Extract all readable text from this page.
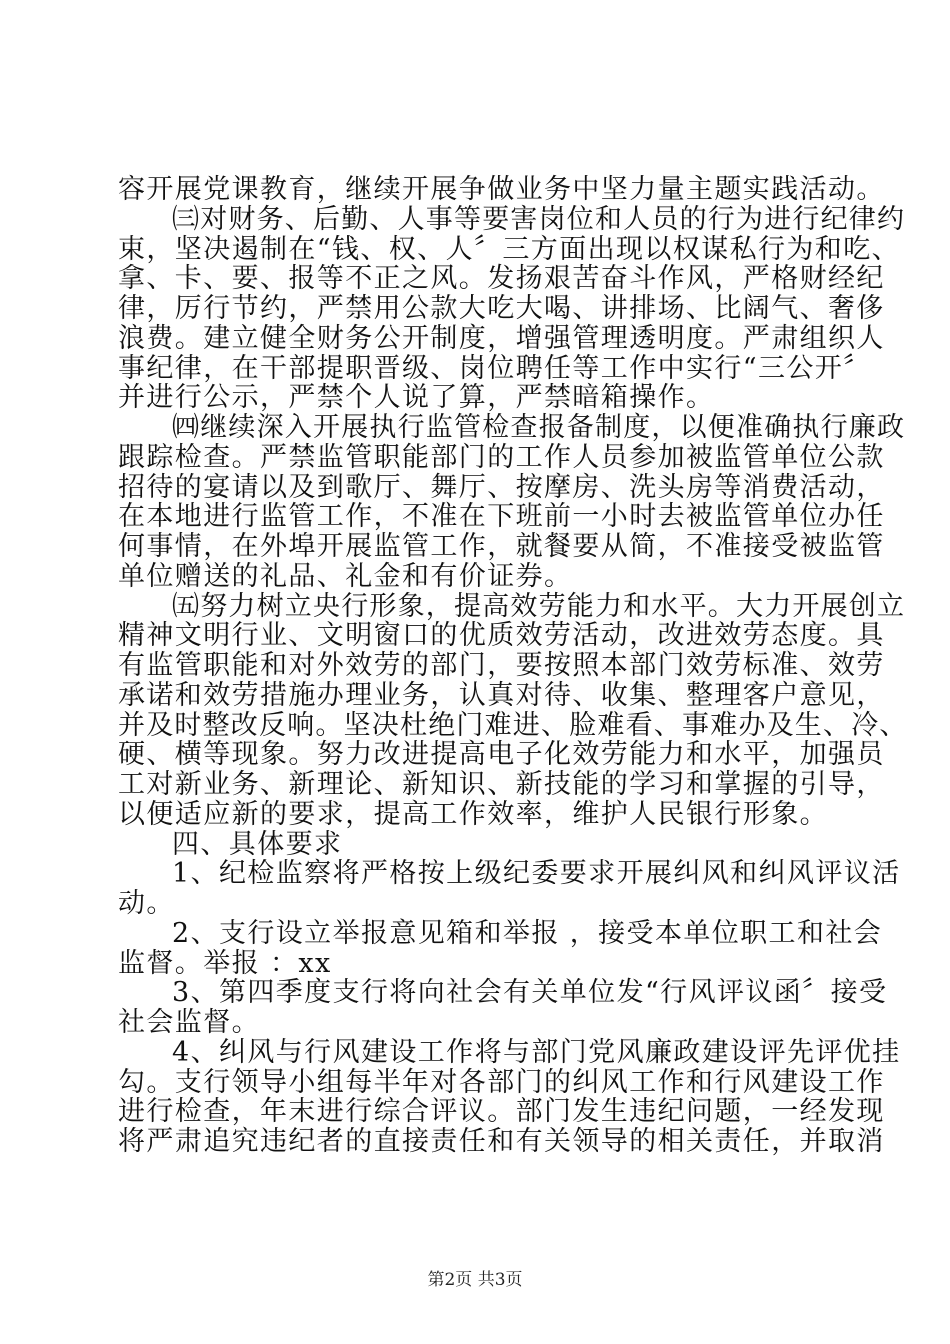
容开展党课教育，继续开展争做业务中坚力量主题实践活动。
㈢对财务、后勤、人事等要害岗位和人员的行为进行纪律约
束，坚决遏制在“钱、权、人〞三方面出现以权谋私行为和吃、
拿、卡、要、报等不正之风。发扬艰苦奋斗作风，严格财经纪
律，厉行节约，严禁用公款大吃大喝、讲排场、比阔气、奢侈
浪费。建立健全财务公开制度，增强管理透明度。严肃组织人
事纪律，在干部提职晋级、岗位聘任等工作中实行“三公开〞
并进行公示，严禁个人说了算，严禁暗箱操作。
㈣继续深入开展执行监管检查报备制度，以便准确执行廉政
跟踪检查。严禁监管职能部门的工作人员参加被监管单位公款
招待的宴请以及到歌厅、舞厅、按摩房、洗头房等消费活动，
在本地进行监管工作，不准在下班前一小时去被监管单位办任
何事情，在外埠开展监管工作，就餐要从简，不准接受被监管
单位赠送的礼品、礼金和有价证券。
㈤努力树立央行形象，提高效劳能力和水平。大力开展创立
精神文明行业、文明窗口的优质效劳活动，改进效劳态度。具
有监管职能和对外效劳的部门，要按照本部门效劳标准、效劳
承诺和效劳措施办理业务，认真对待、收集、整理客户意见，
并及时整改反响。坚决杜绝门难进、脸难看、事难办及生、冷、
硬、横等现象。努力改进提高电子化效劳能力和水平，加强员
工对新业务、新理论、新知识、新技能的学习和掌握的引导，
以便适应新的要求，提高工作效率，维护人民银行形象。
四、具体要求
1、纪检监察将严格按上级纪委要求开展纠风和纠风评议活
动。
2、支行设立举报意见箱和举报 ，接受本单位职工和社会
监督。举报 ：xx
3、第四季度支行将向社会有关单位发“行风评议函〞接受
社会监督。
4、纠风与行风建设工作将与部门党风廉政建设评先评优挂
勾。支行领导小组每半年对各部门的纠风工作和行风建设工作
进行检查，年末进行综合评议。部门发生违纪问题，一经发现
将严肃追究违纪者的直接责任和有关领导的相关责任，并取消
第2页 共3页
